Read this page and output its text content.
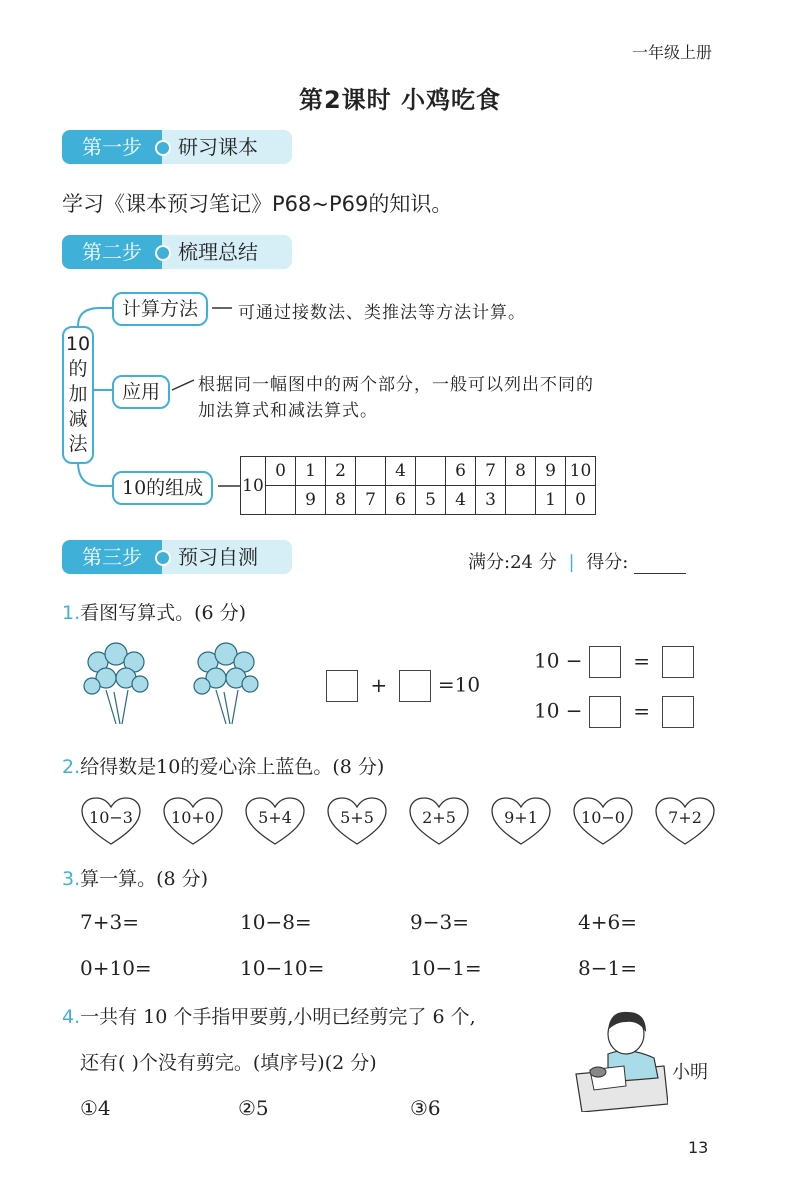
一年级上册
第2课时 小鸡吃食
第一步	研习课本
学习《课本预习笔记》P68~P69的知识。
第二步	梳理总结
10
的
加
减
法
计算方法	可通过接数法、类推法等方法计算。
应用	根据同一幅图中的两个部分，一般可以列出不同的
加法算式和减法算式。
10的组成	10	0	1	2		4		6	7	8	9	10
		9	8	7	6	5	4	3		1	0
第三步	预习自测	满分:24 分 | 得分:
1.看图写算式。(6 分)
+	=10
10 −	=
10 −	=
2.给得数是10的爱心涂上蓝色。(8 分)
10−3	10+0	5+4	5+5	2+5	9+1	10−0	7+2
3.算一算。(8 分)
7+3=	10−8=	9−3=	4+6=
0+10=	10−10=	10−1=	8−1=
4.一共有 10 个手指甲要剪,小明已经剪完了 6 个,
还有( )个没有剪完。(填序号)(2 分)
①4	②5	③6
小明
13
